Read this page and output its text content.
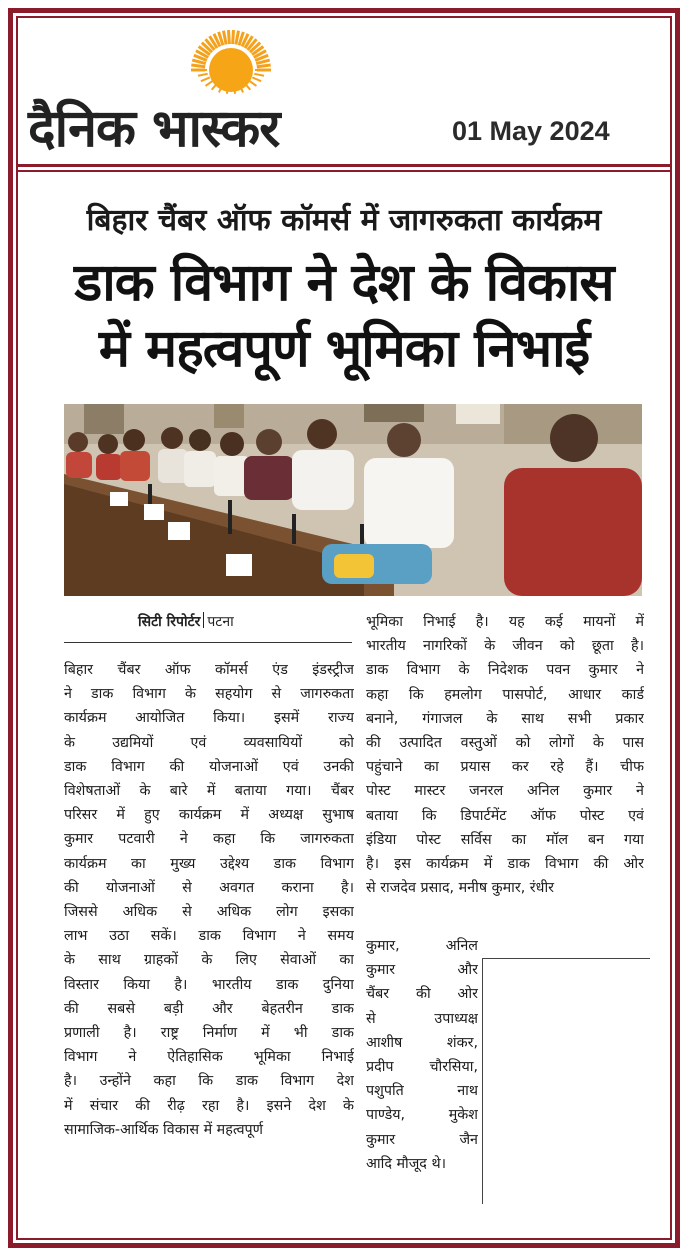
दैनिक भास्कर	01 May 2024
बिहार चैंबर ऑफ कॉमर्स में जागरुकता कार्यक्रम
डाक विभाग ने देश के विकास
में महत्वपूर्ण भूमिका निभाई
सिटी रिपोर्टर पटना
बिहार चैंबर ऑफ कॉमर्स एंड इंडस्ट्रीज
ने डाक विभाग के सहयोग से जागरुकता
कार्यक्रम आयोजित किया। इसमें राज्य
के उद्यमियों एवं व्यवसायियों को
डाक विभाग की योजनाओं एवं उनकी
विशेषताओं के बारे में बताया गया। चैंबर
परिसर में हुए कार्यक्रम में अध्यक्ष सुभाष
कुमार पटवारी ने कहा कि जागरुकता
कार्यक्रम का मुख्य उद्देश्य डाक विभाग
की योजनाओं से अवगत कराना है।
जिससे अधिक से अधिक लोग इसका
लाभ उठा सकें। डाक विभाग ने समय
के साथ ग्राहकों के लिए सेवाओं का
विस्तार किया है। भारतीय डाक दुनिया
की सबसे बड़ी और बेहतरीन डाक
प्रणाली है। राष्ट्र निर्माण में भी डाक
विभाग ने ऐतिहासिक भूमिका निभाई
है। उन्होंने कहा कि डाक विभाग देश
में संचार की रीढ़ रहा है। इसने देश के
सामाजिक-आर्थिक विकास में महत्वपूर्ण
भूमिका निभाई है। यह कई मायनों में
भारतीय नागरिकों के जीवन को छूता है।
डाक विभाग के निदेशक पवन कुमार ने
कहा कि हमलोग पासपोर्ट, आधार कार्ड
बनाने, गंगाजल के साथ सभी प्रकार
की उत्पादित वस्तुओं को लोगों के पास
पहुंचाने का प्रयास कर रहे हैं। चीफ
पोस्ट मास्टर जनरल अनिल कुमार ने
बताया कि डिपार्टमेंट ऑफ पोस्ट एवं
इंडिया पोस्ट सर्विस का मॉल बन गया
है। इस कार्यक्रम में डाक विभाग की ओर
से राजदेव प्रसाद, मनीष कुमार, रंधीर
कुमार, अनिल
कुमार और
चैंबर की ओर
से उपाध्यक्ष
आशीष शंकर,
प्रदीप चौरसिया,
पशुपति नाथ
पाण्डेय, मुकेश
कुमार जैन
आदि मौजूद थे।
